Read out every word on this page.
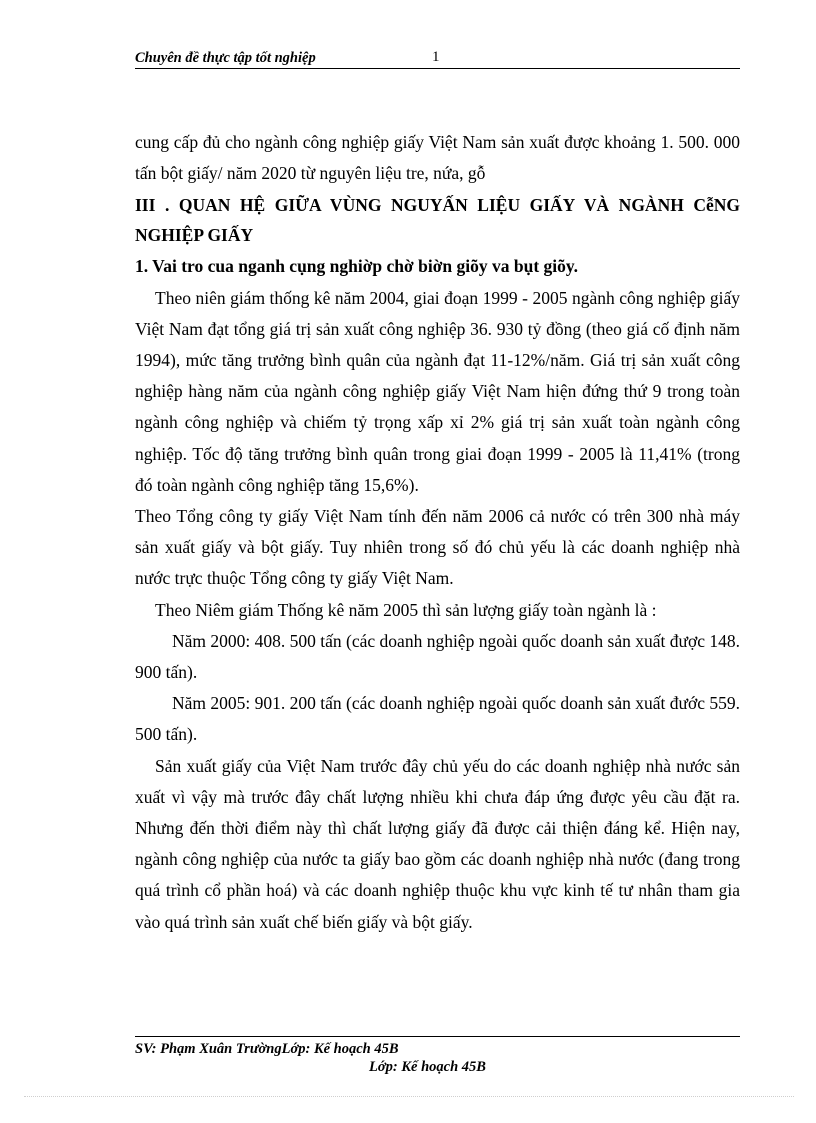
Chuyên đề thực tập tốt nghiệp	1

cung cấp đủ cho ngành công nghiệp giấy Việt Nam sản xuất được khoảng 1. 500. 000 tấn bột giấy/ năm 2020 từ nguyên liệu tre, nứa, gỗ

III . QUAN HỆ GIỮA VÙNG NGUYẤN LIỆU GIẤY VÀ NGÀNH CễNG NGHIỆP GIẤY

1. Vai tro cua nganh cụng nghiờp chờ biờn giõy va bụt giõy.

Theo niên giám thống kê năm 2004, giai đoạn 1999 - 2005 ngành công nghiệp giấy Việt Nam đạt tổng giá trị sản xuất công nghiệp 36. 930 tỷ đồng (theo giá cố định năm 1994), mức tăng trưởng bình quân của ngành đạt 11-12%/năm. Giá trị sản xuất công nghiệp hàng năm của ngành công nghiệp giấy Việt Nam hiện đứng thứ 9 trong toàn ngành công nghiệp và chiếm tỷ trọng xấp xỉ 2% giá trị sản xuất toàn ngành công nghiệp. Tốc độ tăng trưởng bình quân trong giai đoạn 1999 - 2005 là 11,41% (trong đó toàn ngành công nghiệp tăng 15,6%).

Theo Tổng công ty giấy Việt Nam tính đến năm 2006 cả nước có trên 300 nhà máy sản xuất giấy và bột giấy. Tuy nhiên trong số đó chủ yếu là các doanh nghiệp nhà nước trực thuộc Tổng công ty giấy Việt Nam.

Theo Niêm giám Thống kê năm 2005 thì sản lượng giấy toàn ngành là :

Năm 2000: 408. 500 tấn (các doanh nghiệp ngoài quốc doanh sản xuất được 148. 900 tấn).

Năm 2005: 901. 200 tấn (các doanh nghiệp ngoài quốc doanh sản xuất đước 559. 500 tấn).

Sản xuất giấy của Việt Nam trước đây chủ yếu do các doanh nghiệp nhà nước sản xuất vì vậy mà trước đây chất lượng nhiều khi chưa đáp ứng được yêu cầu đặt ra. Nhưng đến thời điểm này thì chất lượng giấy đã được cải thiện đáng kể. Hiện nay, ngành công nghiệp của nước ta giấy bao gồm các doanh nghiệp nhà nước (đang trong quá trình cổ phần hoá) và các doanh nghiệp thuộc khu vực kinh tế tư nhân tham gia vào quá trình sản xuất chế biến giấy và bột giấy.

SV: Phạm Xuân TrườngLớp: Kế hoạch 45B
Lớp: Kế hoạch 45B
